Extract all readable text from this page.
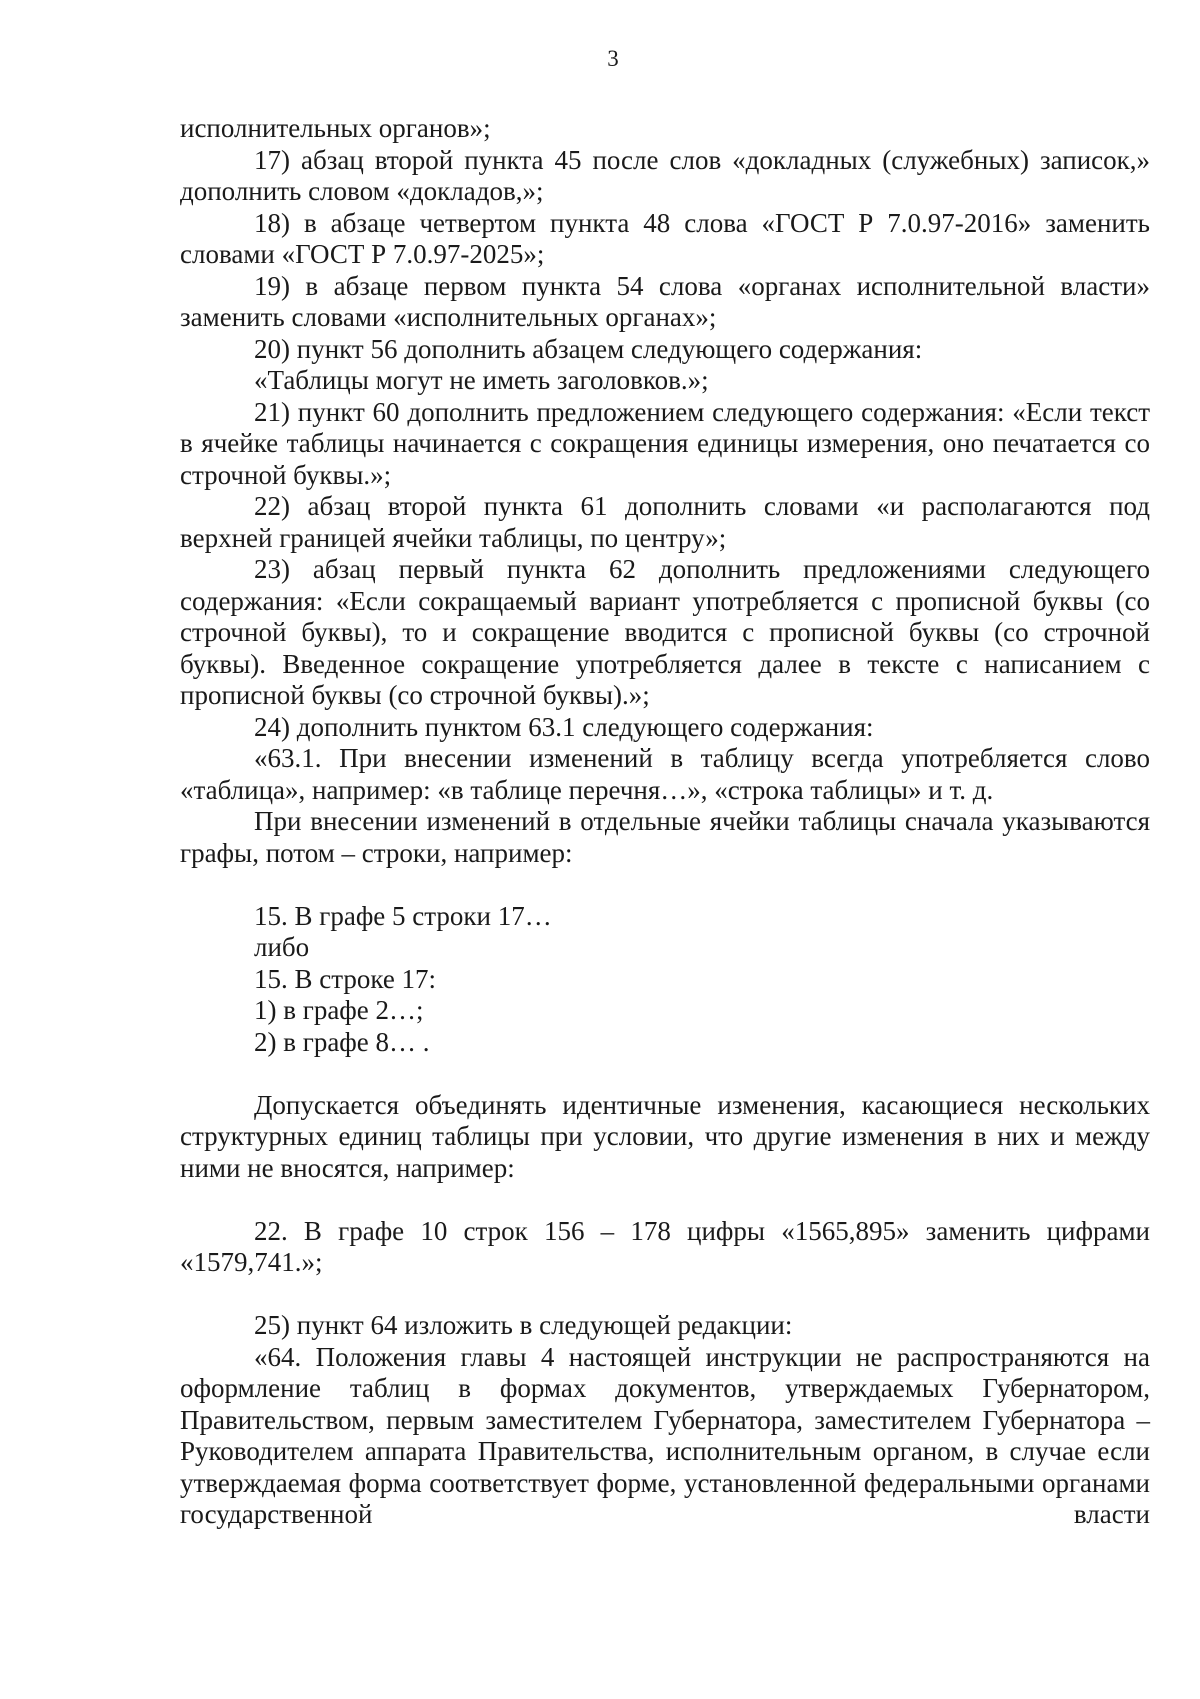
3

исполнительных органов»;

17) абзац второй пункта 45 после слов «докладных (служебных) записок,» дополнить словом «докладов,»;

18) в абзаце четвертом пункта 48 слова «ГОСТ Р 7.0.97-2016» заменить словами «ГОСТ Р 7.0.97-2025»;

19) в абзаце первом пункта 54 слова «органах исполнительной власти» заменить словами «исполнительных органах»;

20) пункт 56 дополнить абзацем следующего содержания:

«Таблицы могут не иметь заголовков.»;

21) пункт 60 дополнить предложением следующего содержания: «Если текст в ячейке таблицы начинается с сокращения единицы измерения, оно печатается со строчной буквы.»;

22) абзац второй пункта 61 дополнить словами «и располагаются под верхней границей ячейки таблицы, по центру»;

23) абзац первый пункта 62 дополнить предложениями следующего содержания: «Если сокращаемый вариант употребляется с прописной буквы (со строчной буквы), то и сокращение вводится с прописной буквы (со строчной буквы). Введенное сокращение употребляется далее в тексте с написанием с прописной буквы (со строчной буквы).»;

24) дополнить пунктом 63.1 следующего содержания:

«63.1. При внесении изменений в таблицу всегда употребляется слово «таблица», например: «в таблице перечня…», «строка таблицы» и т. д.

При внесении изменений в отдельные ячейки таблицы сначала указываются графы, потом – строки, например:

15. В графе 5 строки 17…

либо

15. В строке 17:

1) в графе 2…;

2) в графе 8… .

Допускается объединять идентичные изменения, касающиеся нескольких структурных единиц таблицы при условии, что другие изменения в них и между ними не вносятся, например:

22. В графе 10 строк 156 – 178 цифры «1565,895» заменить цифрами «1579,741.»;

25) пункт 64 изложить в следующей редакции:

«64. Положения главы 4 настоящей инструкции не распространяются на оформление таблиц в формах документов, утверждаемых Губернатором, Правительством, первым заместителем Губернатора, заместителем Губернатора – Руководителем аппарата Правительства, исполнительным органом, в случае если утверждаемая форма соответствует форме, установленной федеральными органами государственной власти
